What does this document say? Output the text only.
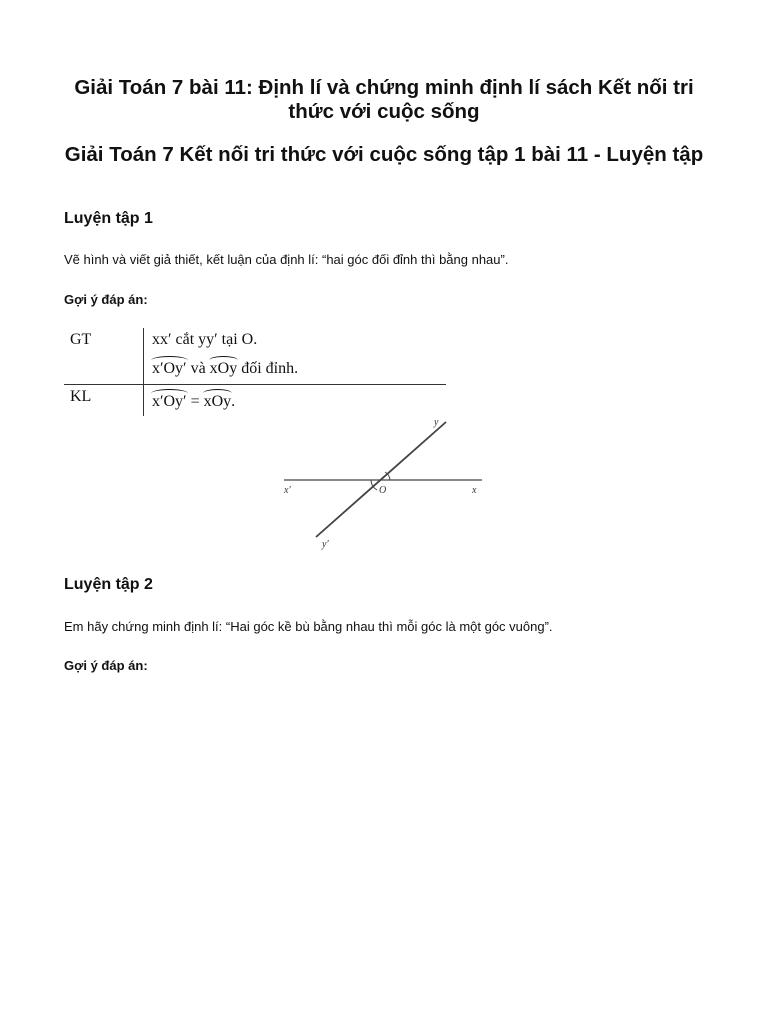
Giải Toán 7 bài 11: Định lí và chứng minh định lí sách Kết nối tri thức với cuộc sống
Giải Toán 7 Kết nối tri thức với cuộc sống tập 1 bài 11 - Luyện tập
Luyện tập 1

Vẽ hình và viết giả thiết, kết luận của định lí: “hai góc đối đỉnh thì bằng nhau”.

Gợi ý đáp án:

GT	xx′ cắt yy′ tại O.
x′Oy′ và xOy đối đỉnh.
KL	x′Oy′ = xOy.
x′	x
O
y
y′
Luyện tập 2

Em hãy chứng minh định lí: “Hai góc kề bù bằng nhau thì mỗi góc là một góc vuông”.

Gợi ý đáp án:
